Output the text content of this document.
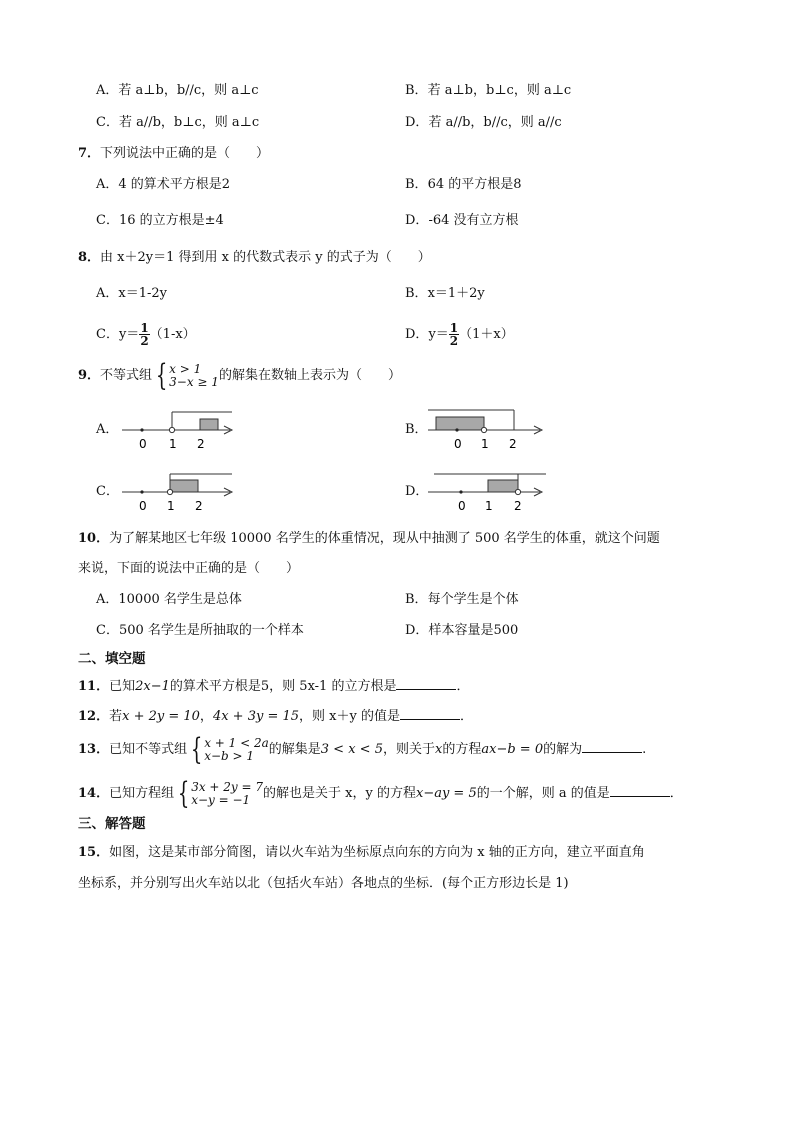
A．若 a⊥b，b//c，则 a⊥c	B．若 a⊥b，b⊥c，则 a⊥c
C．若 a//b，b⊥c，则 a⊥c	D．若 a//b，b//c，则 a//c
7．下列说法中正确的是（　　）
A．4 的算术平方根是2	B．64 的平方根是8
C．16 的立方根是±4	D．-64 没有立方根
8．由 x＋2y＝1 得到用 x 的代数式表示 y 的式子为（　　）
A．x＝1-2y	B．x＝1＋2y
C．$y= \frac{1}{2} (1-x)$	D．$y= \frac{1}{2} (1+x)$
9．不等式组 { x > 1
3−x ≥ 1 的解集在数轴上表示为（　　）
A．
0 1 2
B．
0 1 2
C．
0 1 2
D．
0 1 2
10．为了解某地区七年级 10000 名学生的体重情况，现从中抽测了 500 名学生的体重，就这个问题
来说，下面的说法中正确的是（　　）
A．10000 名学生是总体	B．每个学生是个体
C．500 名学生是所抽取的一个样本	D．样本容量是500
二、填空题
11．已知2x−1的算术平方根是5，则 5x-1 的立方根是	．
12．若x + 2y = 10，4x + 3y = 15，则 x＋y 的值是	．
13．已知不等式组 { x + 1 < 2a
x−b > 1	的解集是3 < x < 5，则关于x的方程ax−b = 0的解为	.
14．已知方程组 { 3x + 2y = 7
x−y = −1 的解也是关于 x，y 的方程x−ay = 5的一个解，则 a 的值是	．
三、解答题
15．如图，这是某市部分简图，请以火车站为坐标原点向东的方向为 x 轴的正方向，建立平面直角
坐标系，并分别写出火车站以北（包括火车站）各地点的坐标．(每个正方形边长是 1)
